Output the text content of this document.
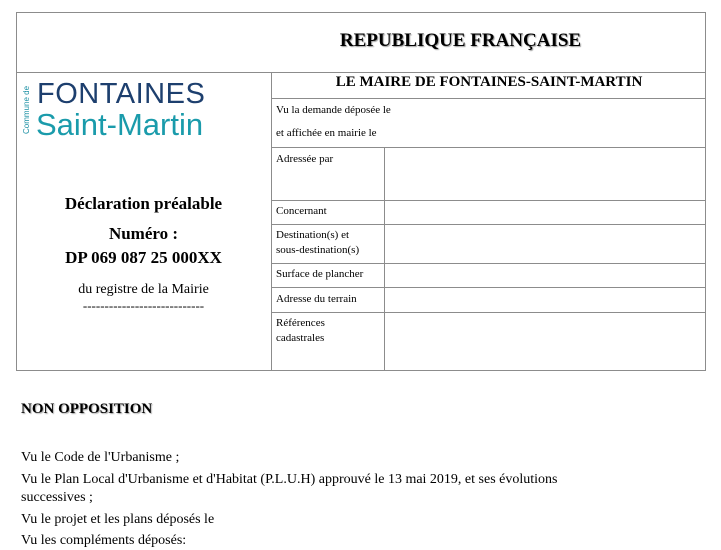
REPUBLIQUE FRANÇAISE
Commune de FONTAINES
Saint-Martin
Déclaration préalable
Numéro :
DP 069 087 25 000XX
du registre de la Mairie
----------------------------
LE MAIRE DE FONTAINES-SAINT-MARTIN
Vu la demande déposée le
et affichée en mairie le
Adressée par
Concernant
Destination(s) et
sous-destination(s)
Surface de plancher
Adresse du terrain
Références
cadastrales
NON OPPOSITION
Vu le Code de l'Urbanisme ;
Vu le Plan Local d'Urbanisme et d'Habitat (P.L.U.H) approuvé le 13 mai 2019, et ses évolutions
successives ;
Vu le projet et les plans déposés le
Vu les compléments déposés:
